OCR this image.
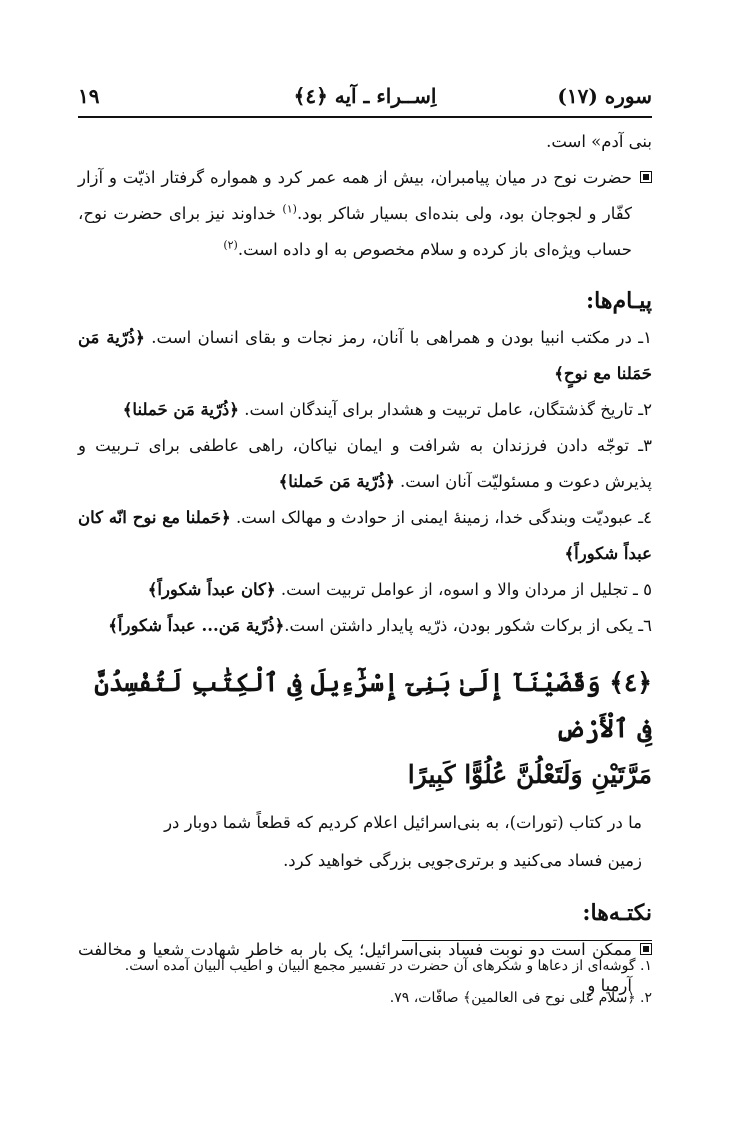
سوره (۱۷)
اِســراء ـ آیه ﴿٤﴾
۱۹

بنی آدم» است.

حضرت نوح در میان پیامبران، بیش از همه عمر کرد و همواره گرفتار اذیّت و آزار کفّار و لجوجان بود، ولی بنده‌ای بسیار شاکر بود.$^{(۱)}$ خداوند نیز برای حضرت نوح، حساب ویژه‌ای باز کرده و سلام مخصوص به او داده است.$^{(۲)}$
پیـام‌ها:

۱ـ در مکتب انبیا بودن و همراهی با آنان، رمز نجات و بقای انسان است. ﴿ذُرّیة مَن حَمَلنا مع نوحٍ﴾

۲ـ تاریخ گذشتگان، عامل تربیت و هشدار برای آیندگان است. ﴿ذُرّیة مَن حَملنا﴾

۳ـ توجّه دادن فرزندان به شرافت و ایمان نیاکان، راهی عاطفی برای تـربیت و پذیرش دعوت و مسئولیّت آنان است. ﴿ذُرّیة مَن حَملنا﴾

٤ـ عبودیّت وبندگی خدا، زمینهٔ ایمنی از حوادث و مهالک است. ﴿حَملنا مع نوح انّه کان عبداً شکوراً﴾

٥ ـ تجلیل از مردان والا و اسوه، از عوامل تربیت است. ﴿کان عبداً شکوراً﴾

٦ـ یکی از برکات شکور بودن، ذرّیه پایدار داشتن است.﴿ذُرّیة مَن... عبداً شکوراً﴾

﴿٤﴾ وَقَضَيْنَآ إِلَىٰ بَنِىٓ إِسْرَٰٓءِيلَ فِى ٱلْكِتَٰبِ لَتُفْسِدُنَّ فِى ٱلْأَرْضِ
مَرَّتَيْنِ وَلَتَعْلُنَّ عُلُوًّا كَبِيرًا
ما در کتاب (تورات)، به بنی‌اسرائیل اعلام کردیم که قطعاً شما دوبار در
زمین فساد می‌کنید و برتری‌جویی بزرگی خواهید کرد.
نکتـه‌ها:
ممکن است دو نوبت فساد بنی‌اسرائیل؛ یک بار به خاطر شهادت شعیا و مخالفت آرمیا و
۱. گوشه‌ای از دعاها و شکرهای آن حضرت در تفسیر مجمع البیان و اطیب البیان آمده است.
۲. ﴿سلام علی نوح فی العالمین﴾ صافّات، ۷۹.
